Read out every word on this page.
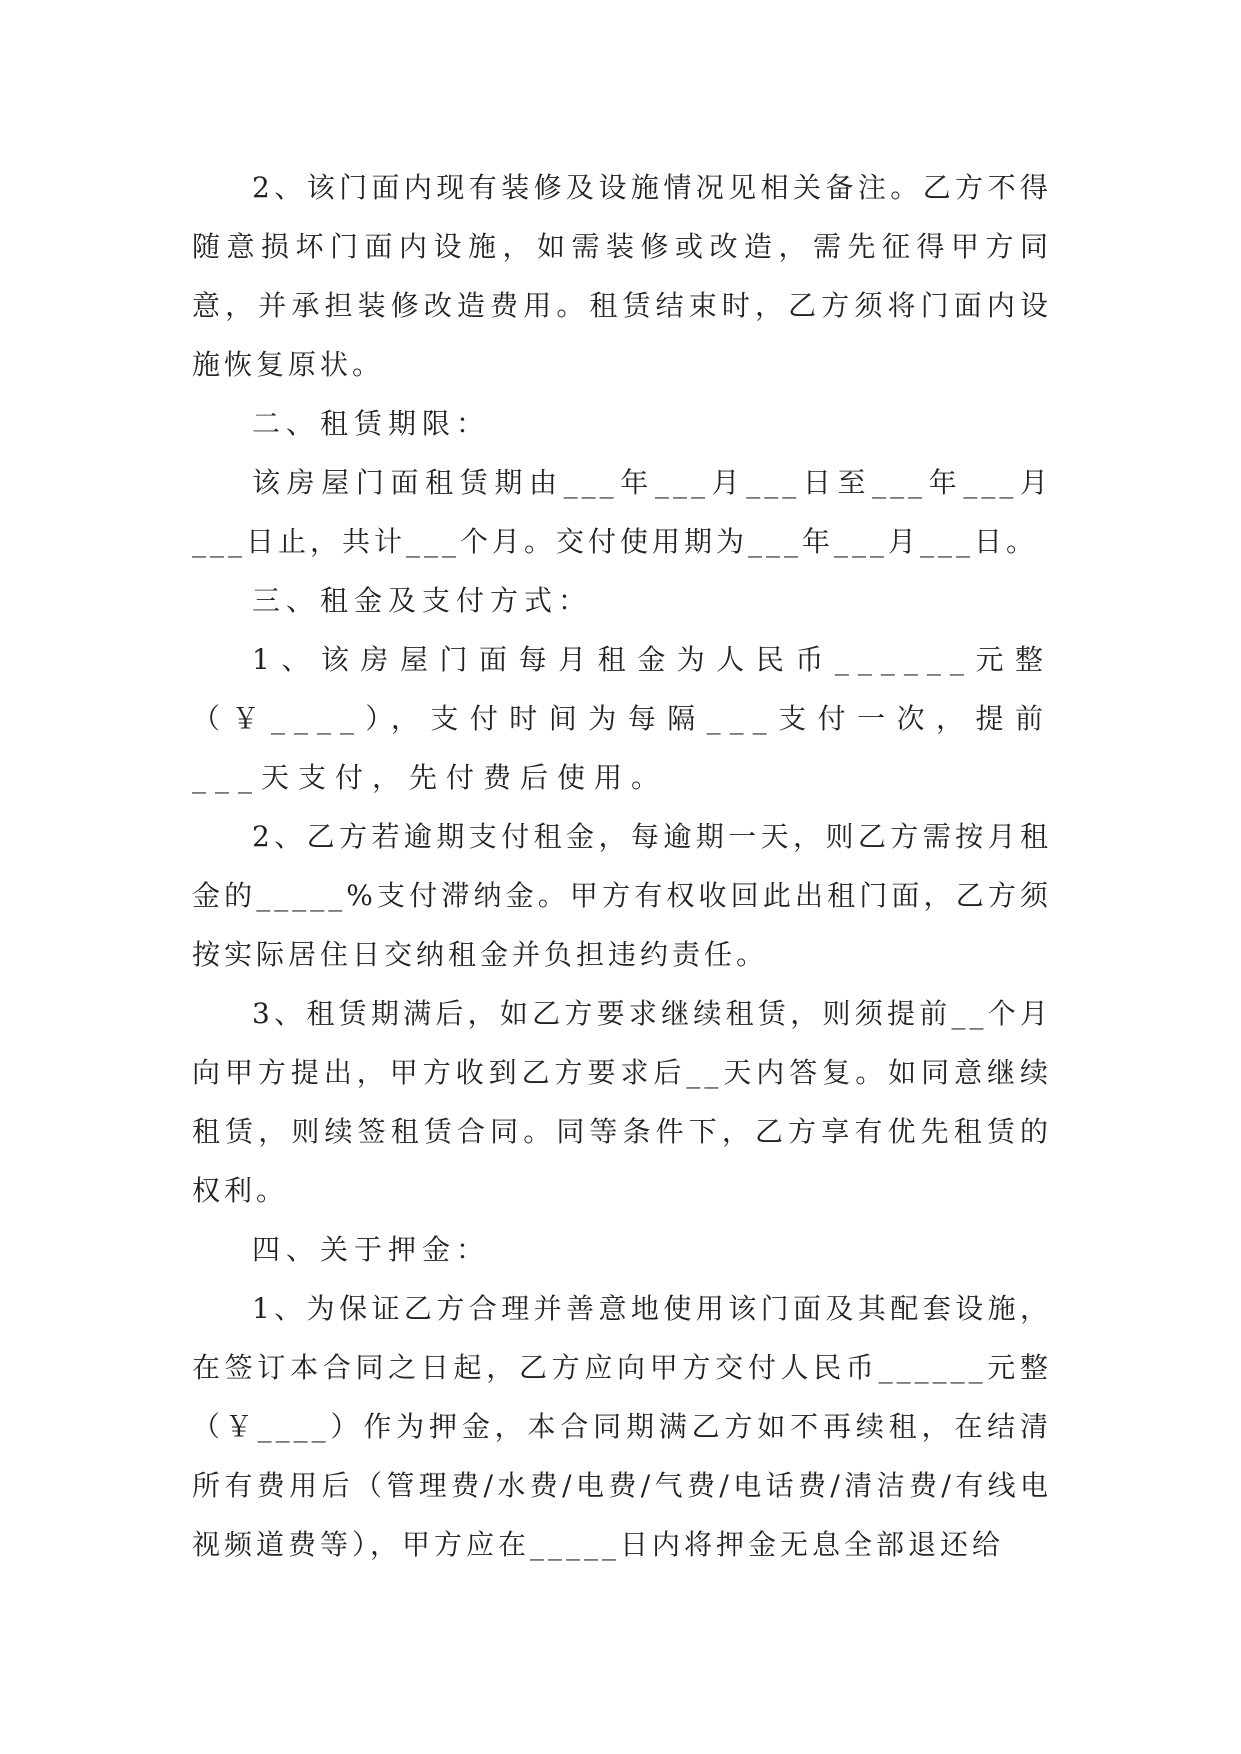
2、该门面内现有装修及设施情况见相关备注。乙方不得随意损坏门面内设施，如需装修或改造，需先征得甲方同意，并承担装修改造费用。租赁结束时，乙方须将门面内设施恢复原状。

二、租赁期限：

该房屋门面租赁期由___年___月___日至___年___月___日止，共计___个月。交付使用期为___年___月___日。

三、租金及支付方式：

1、该房屋门面每月租金为人民币______元整（￥____），支付时间为每隔___支付一次，提前___天支付，先付费后使用。

2、乙方若逾期支付租金，每逾期一天，则乙方需按月租金的_____%支付滞纳金。甲方有权收回此出租门面，乙方须按实际居住日交纳租金并负担违约责任。

3、租赁期满后，如乙方要求继续租赁，则须提前__个月向甲方提出，甲方收到乙方要求后__天内答复。如同意继续租赁，则续签租赁合同。同等条件下，乙方享有优先租赁的权利。

四、关于押金：

1、为保证乙方合理并善意地使用该门面及其配套设施，在签订本合同之日起，乙方应向甲方交付人民币______元整（￥____）作为押金，本合同期满乙方如不再续租，在结清所有费用后（管理费/水费/电费/气费/电话费/清洁费/有线电视频道费等），甲方应在_____日内将押金无息全部退还给
